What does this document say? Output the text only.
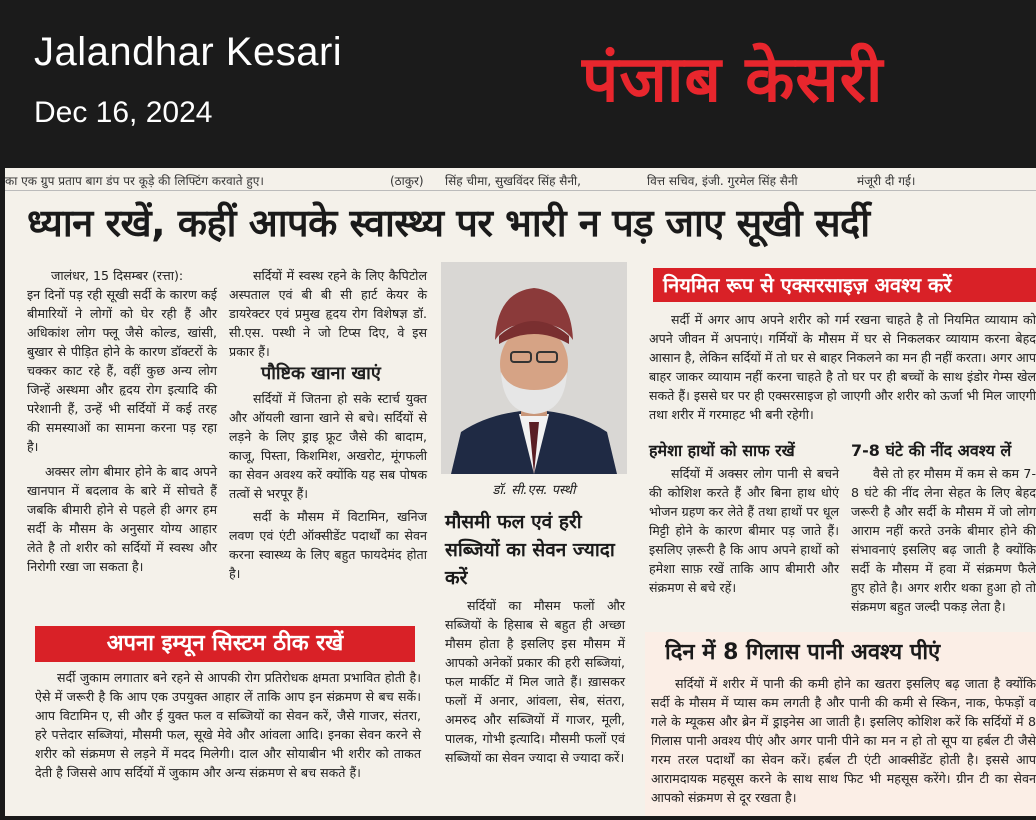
Jalandhar Kesari
Dec 16, 2024	पंजाब केसरी
का एक ग्रुप प्रताप बाग डंप पर कूड़े की लिफ्टिंग करवाते हुए।	(ठाकुर) सिंह चीमा, सुखविंदर सिंह सैनी,	वित्त सचिव, इंजी. गुरमेल सिंह सैनी	मंजूरी दी गई।
ध्यान रखें, कहीं आपके स्वास्थ्य पर भारी न पड़ जाए सूखी सर्दी

जालंधर, 15 दिसम्बर (रत्ता):

इन दिनों पड़ रही सूखी सर्दी के कारण कई बीमारियों ने लोगों को घेर रही हैं और अधिकांश लोग फ्लू जैसे कोल्ड, खांसी, बुखार से पीड़ित होने के कारण डॉक्टरों के चक्कर काट रहे हैं, वहीं कुछ अन्य लोग जिन्हें अस्थमा और हृदय रोग इत्यादि की परेशानी हैं, उन्हें भी सर्दियों में कई तरह की समस्याओं का सामना करना पड़ रहा है।

अक्सर लोग बीमार होने के बाद अपने खानपान में बदलाव के बारे में सोचते हैं जबकि बीमारी होने से पहले ही अगर हम सर्दी के मौसम के अनुसार योग्य आहार लेते है तो शरीर को सर्दियों में स्वस्थ और निरोगी रखा जा सकता है।

सर्दियों में स्वस्थ रहने के लिए कैपिटोल अस्पताल एवं बी बी सी हार्ट केयर के डायरेक्टर एवं प्रमुख हृदय रोग विशेषज्ञ डॉ. सी.एस. पस्थी ने जो टिप्स दिए, वे इस प्रकार हैं।

पौष्टिक खाना खाएं

सर्दियों में जितना हो सके स्टार्च युक्त और ऑयली खाना खाने से बचे। सर्दियों से लड़ने के लिए ड्राइ फ्रूट जैसे की बादाम, काजू, पिस्ता, किशमिश, अखरोट, मूंगफली का सेवन अवश्य करें क्योंकि यह सब पोषक तत्वों से भरपूर हैं।

सर्दी के मौसम में विटामिन, खनिज लवण एवं एंटी ऑक्सीडेंट पदार्थों का सेवन करना स्वास्थ्य के लिए बहुत फायदेमंद होता है।

अपना इम्यून सिस्टम ठीक रखें

सर्दी जुकाम लगातार बने रहने से आपकी रोग प्रतिरोधक क्षमता प्रभावित होती है। ऐसे में जरूरी है कि आप एक उपयुक्त आहार लें ताकि आप इन संक्रमण से बच सकें। आप विटामिन ए, सी और ई युक्त फल व सब्जियों का सेवन करें, जैसे गाजर, संतरा, हरे पत्तेदार सब्जियां, मौसमी फल, सूखे मेवे और आंवला आदि। इनका सेवन करने से शरीर को संक्रमण से लड़ने में मदद मिलेगी। दाल और सोयाबीन भी शरीर को ताकत देती है जिससे आप सर्दियों में जुकाम और अन्य संक्रमण से बच सकते हैं।

डॉ. सी.एस. पस्थी
मौसमी फल एवं हरी सब्जियों का सेवन ज्यादा करें

सर्दियों का मौसम फलों और सब्जियों के हिसाब से बहुत ही अच्छा मौसम होता है इसलिए इस मौसम में आपको अनेकों प्रकार की हरी सब्जियां, फल मार्कीट में मिल जाते हैं। ख़ासकर फलों में अनार, आंवला, सेब, संतरा, अमरुद और सब्जियों में गाजर, मूली, पालक, गोभी इत्यादि। मौसमी फलों एवं सब्जियों का सेवन ज्यादा से ज्यादा करें।

नियमित रूप से एक्सरसाइज़ अवश्य करें

सर्दी में अगर आप अपने शरीर को गर्म रखना चाहते है तो नियमित व्यायाम को अपने जीवन में अपनाएं। गर्मियों के मौसम में घर से निकलकर व्यायाम करना बेहद आसान है, लेकिन सर्दियों में तो घर से बाहर निकलने का मन ही नहीं करता। अगर आप बाहर जाकर व्यायाम नहीं करना चाहते है तो घर पर ही बच्चों के साथ इंडोर गेम्स खेल सकते हैं। इससे घर पर ही एक्सरसाइज हो जाएगी और शरीर को ऊर्जा भी मिल जाएगी तथा शरीर में गरमाहट भी बनी रहेगी।

हमेशा हाथों को साफ रखें

सर्दियों में अक्सर लोग पानी से बचने की कोशिश करते हैं और बिना हाथ धोएं भोजन ग्रहण कर लेते हैं तथा हाथों पर धूल मिट्टी होने के कारण बीमार पड़ जाते हैं। इसलिए ज़रूरी है कि आप अपने हाथों को हमेशा साफ़ रखें ताकि आप बीमारी और संक्रमण से बचे रहें।

7-8 घंटे की नींद अवश्य लें

वैसे तो हर मौसम में कम से कम 7-8 घंटे की नींद लेना सेहत के लिए बेहद जरूरी है और सर्दी के मौसम में जो लोग आराम नहीं करते उनके बीमार होने की संभावनाएं इसलिए बढ़ जाती है क्योंकि सर्दी के मौसम में हवा में संक्रमण फैले हुए होते है। अगर शरीर थका हुआ हो तो संक्रमण बहुत जल्दी पकड़ लेता है।

दिन में 8 गिलास पानी अवश्य पीएं

सर्दियों में शरीर में पानी की कमी होने का खतरा इसलिए बढ़ जाता है क्योंकि सर्दी के मौसम में प्यास कम लगती है और पानी की कमी से स्किन, नाक, फेफड़ों व गले के म्यूकस और ब्रेन में ड्राइनेस आ जाती है। इसलिए कोशिश करें कि सर्दियों में 8 गिलास पानी अवश्य पीएं और अगर पानी पीने का मन न हो तो सूप या हर्बल टी जैसे गरम तरल पदार्थों का सेवन करें। हर्बल टी एंटी आक्सीडेंट होती है। इससे आप आरामदायक महसूस करने के साथ साथ फिट भी महसूस करेंगे। ग्रीन टी का सेवन आपको संक्रमण से दूर रखता है।
